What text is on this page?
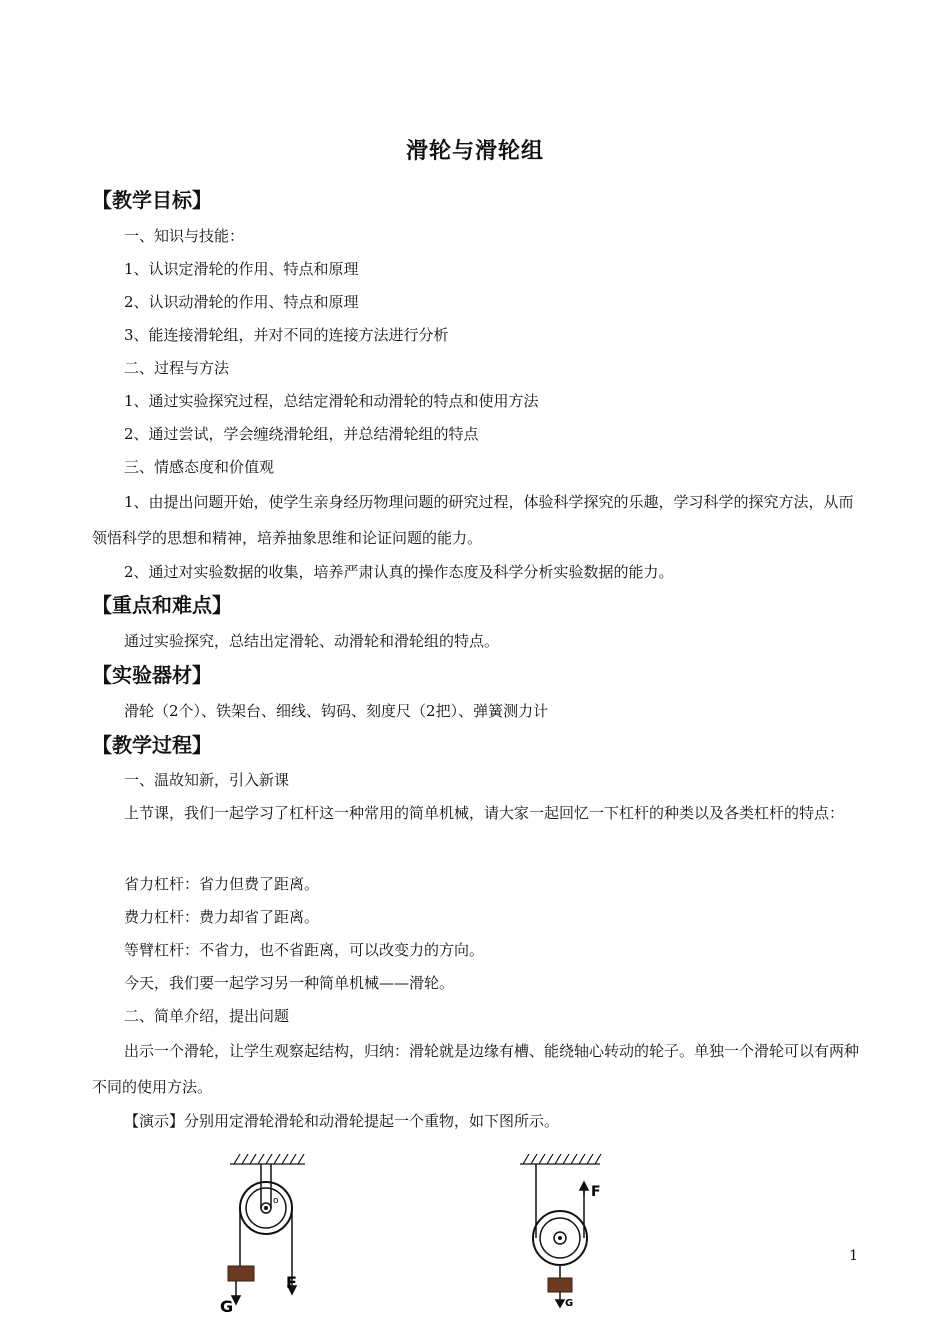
滑轮与滑轮组
【教学目标】
一、知识与技能：
1、认识定滑轮的作用、特点和原理
2、认识动滑轮的作用、特点和原理
3、能连接滑轮组，并对不同的连接方法进行分析
二、过程与方法
1、通过实验探究过程，总结定滑轮和动滑轮的特点和使用方法
2、通过尝试，学会缠绕滑轮组，并总结滑轮组的特点
三、情感态度和价值观
1、由提出问题开始，使学生亲身经历物理问题的研究过程，体验科学探究的乐趣，学习科学的探究方法，从而领悟科学的思想和精神，培养抽象思维和论证问题的能力。
2、通过对实验数据的收集，培养严肃认真的操作态度及科学分析实验数据的能力。
【重点和难点】
通过实验探究，总结出定滑轮、动滑轮和滑轮组的特点。
【实验器材】
滑轮（2个）、铁架台、细线、钩码、刻度尺（2把）、弹簧测力计
【教学过程】
一、温故知新，引入新课
上节课，我们一起学习了杠杆这一种常用的简单机械，请大家一起回忆一下杠杆的种类以及各类杠杆的特点：
省力杠杆：省力但费了距离。
费力杠杆：费力却省了距离。
等臂杠杆：不省力，也不省距离，可以改变力的方向。
今天，我们要一起学习另一种简单机械——滑轮。
二、简单介绍，提出问题
出示一个滑轮，让学生观察起结构，归纳：滑轮就是边缘有槽、能绕轴心转动的轮子。单独一个滑轮可以有两种不同的使用方法。
【演示】分别用定滑轮滑轮和动滑轮提起一个重物，如下图所示。
o
G
F
F
G
1
